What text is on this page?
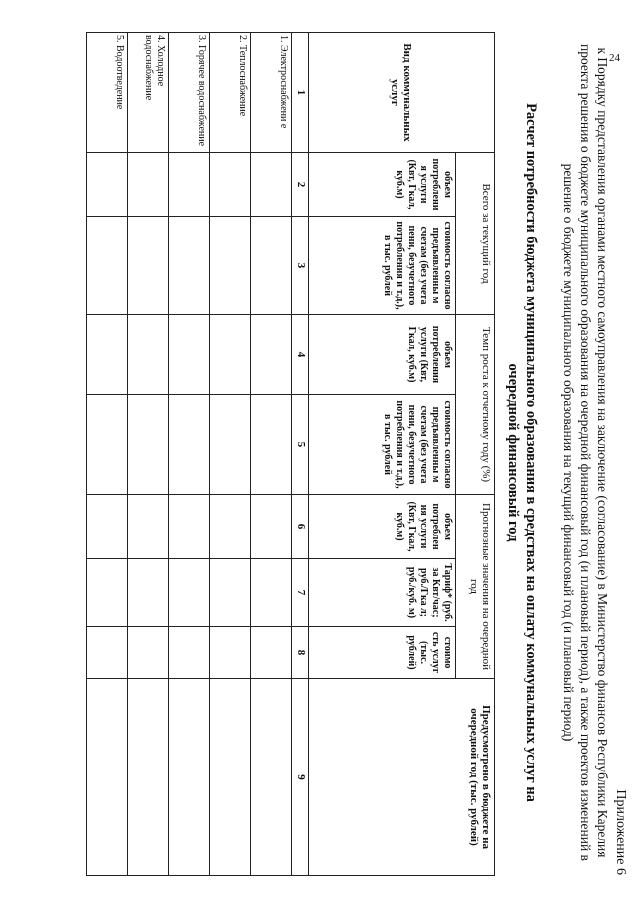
24
Приложение 6
к Порядку представления органами местного самоуправления на заключение (согласование) в Министерство финансов Республики Карелия проекта решения о бюджете муниципального образования на очередной финансовый год (и плановый период), а также проектов изменений в решение о бюджете муниципального образования на текущий финансовый год (и плановый период)
Расчет потребности бюджета муниципального образования в средствах на оплату коммунальных услуг на очередной финансовый год
Вид коммунальных услуг	Всего за текущий год		Темп роста к отчетному году (%)		Прогнозные значения на очередной год			Предусмотрено в бюджете на очередной год (тыс. рублей)
	объем потреблени я услуги (Квт, Гкал, куб.м)	стоимость согласно предъявленны м счетам (без учета пени, безучетного потребления и т.д.), в тыс. рублей	объем потребления услуги (Квт, Гкал, куб.м)	стоимость согласно предъявленны м счетам (без учета пени, безучетного потребления и т.д.), в тыс. рублей	объем потреблен ия услуги (Квт, Гкал, куб.м)	Тариф* (руб. за Квт/час; руб./Гка л; руб./куб. м)	стоимо сть услуг (тыс. рублей)	
1	2	3	4	5	6	7	8	9
1. Электроснабжени е								
2. Теплоснабжение								
3. Горячее водоснабжение								
4. Холодное водоснабжение								
5. Водоотведение								
